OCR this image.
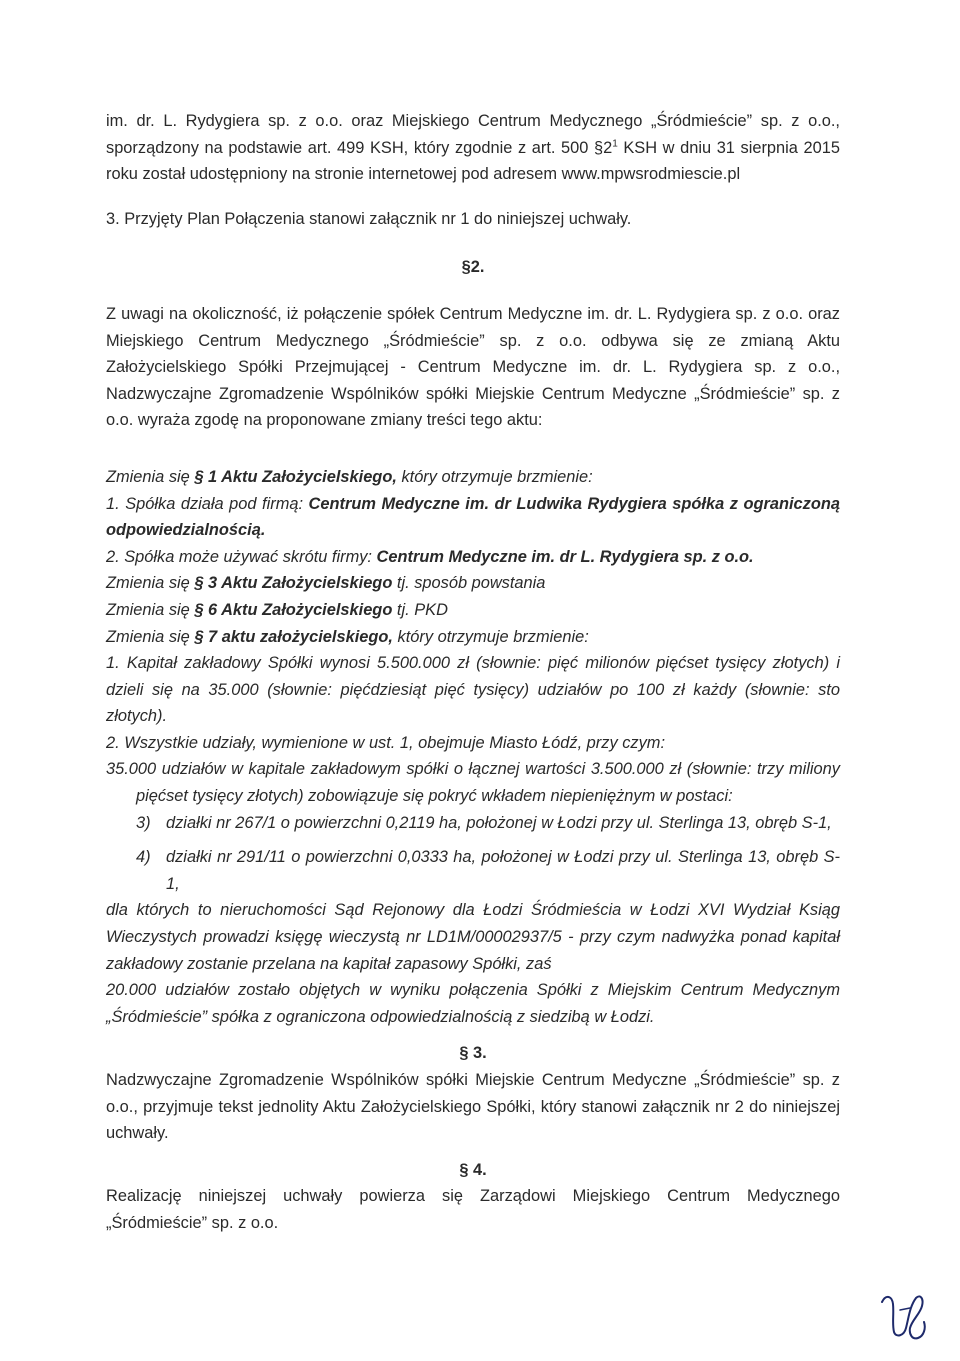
im. dr. L. Rydygiera sp. z o.o. oraz Miejskiego Centrum Medycznego „Śródmieście” sp. z o.o., sporządzony na podstawie art. 499 KSH, który zgodnie z art. 500 $\S 2^1$ KSH w dniu 31 sierpnia 2015 roku został udostępniony na stronie internetowej pod adresem www.mpwsrodmiescie.pl

3. Przyjęty Plan Połączenia stanowi załącznik nr 1 do niniejszej uchwały.

§2.

Z uwagi na okoliczność, iż połączenie spółek Centrum Medyczne im. dr. L. Rydygiera sp. z o.o. oraz Miejskiego Centrum Medycznego „Śródmieście” sp. z o.o. odbywa się ze zmianą Aktu Założycielskiego Spółki Przejmującej - Centrum Medyczne im. dr. L. Rydygiera sp. z o.o., Nadzwyczajne Zgromadzenie Wspólników spółki Miejskie Centrum Medyczne „Śródmieście” sp. z o.o. wyraża zgodę na proponowane zmiany treści tego aktu:

Zmienia się § 1 Aktu Założycielskiego, który otrzymuje brzmienie:

1. Spółka działa pod firmą: Centrum Medyczne im. dr Ludwika Rydygiera spółka z ograniczoną odpowiedzialnością.

2. Spółka może używać skrótu firmy: Centrum Medyczne im. dr L. Rydygiera sp. z o.o.

Zmienia się § 3 Aktu Założycielskiego tj. sposób powstania

Zmienia się § 6 Aktu Założycielskiego tj. PKD

Zmienia się § 7 aktu założycielskiego, który otrzymuje brzmienie:

1. Kapitał zakładowy Spółki wynosi 5.500.000 zł (słownie: pięć milionów pięćset tysięcy złotych) i dzieli się na 35.000 (słownie: pięćdziesiąt pięć tysięcy) udziałów po 100 zł każdy (słownie: sto złotych).

2. Wszystkie udziały, wymienione w ust. 1, obejmuje Miasto Łódź, przy czym:

35.000 udziałów w kapitale zakładowym spółki o łącznej wartości 3.500.000 zł (słownie: trzy miliony pięćset tysięcy złotych) zobowiązuje się pokryć wkładem niepieniężnym w postaci:

3) działki nr 267/1 o powierzchni 0,2119 ha, położonej w Łodzi przy ul. Sterlinga 13, obręb S-1,

4) działki nr 291/11 o powierzchni 0,0333 ha, położonej w Łodzi przy ul. Sterlinga 13, obręb S-1,

dla których to nieruchomości Sąd Rejonowy dla Łodzi Śródmieścia w Łodzi XVI Wydział Ksiąg Wieczystych prowadzi księgę wieczystą nr LD1M/00002937/5 - przy czym nadwyżka ponad kapitał zakładowy zostanie przelana na kapitał zapasowy Spółki, zaś

20.000 udziałów zostało objętych w wyniku połączenia Spółki z Miejskim Centrum Medycznym „Śródmieście” spółka z ograniczona odpowiedzialnością z siedzibą w Łodzi.

§ 3.

Nadzwyczajne Zgromadzenie Wspólników spółki Miejskie Centrum Medyczne „Śródmieście” sp. z o.o., przyjmuje tekst jednolity Aktu Założycielskiego Spółki, który stanowi załącznik nr 2 do niniejszej uchwały.

§ 4.

Realizację niniejszej uchwały powierza się Zarządowi Miejskiego Centrum Medycznego „Śródmieście” sp. z o.o.
